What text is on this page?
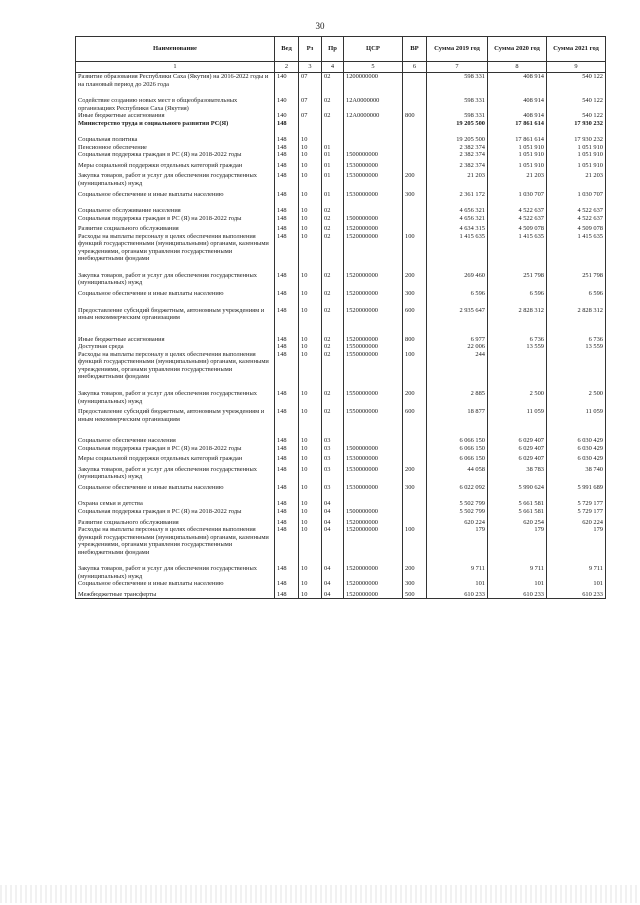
30
Наименование	Вед	Рз	Пр	ЦСР	ВР	Сумма 2019 год	Сумма 2020 год	Сумма 2021 год
1	2	3	4	5	6	7	8	9
Развитие образования Республики Саха (Якутия) на 2016-2022 годы и на плановый период до 2026 года	140	07	02	1200000000		598 331	408 914	540 122
Содействие созданию новых мест в общеобразовательных организациях Республики Саха (Якутия)	140	07	02	12А0000000		598 331	408 914	540 122
Иные бюджетные ассигнования	140	07	02	12А0000000	800	598 331	408 914	540 122
Министерство труда и социального развития РС(Я)	148					19 205 500	17 861 614	17 930 232
Социальная политика	148	10				19 205 500	17 861 614	17 930 232
Пенсионное обеспечение	148	10	01			2 382 374	1 051 910	1 051 910
Социальная поддержка граждан в РС (Я) на 2018-2022 годы	148	10	01	1500000000		2 382 374	1 051 910	1 051 910
Меры социальной поддержки отдельных категорий граждан	148	10	01	1530000000		2 382 374	1 051 910	1 051 910
Закупка товаров, работ и услуг для обеспечения государственных (муниципальных) нужд	148	10	01	1530000000	200	21 203	21 203	21 203
Социальное обеспечение и иные выплаты населению	148	10	01	1530000000	300	2 361 172	1 030 707	1 030 707
Социальное обслуживание населения	148	10	02			4 656 321	4 522 637	4 522 637
Социальная поддержка граждан в РС (Я) на 2018-2022 годы	148	10	02	1500000000		4 656 321	4 522 637	4 522 637
Развитие социального обслуживания	148	10	02	1520000000		4 634 315	4 509 078	4 509 078
Расходы на выплаты персоналу в целях обеспечения выполнения функций государственными (муниципальными) органами, казенными учреждениями, органами управления государственными внебюджетными фондами	148	10	02	1520000000	100	1 415 635	1 415 635	1 415 635
Закупка товаров, работ и услуг для обеспечения государственных (муниципальных) нужд	148	10	02	1520000000	200	269 460	251 798	251 798
Социальное обеспечение и иные выплаты населению	148	10	02	1520000000	300	6 596	6 596	6 596
Предоставление субсидий бюджетным, автономным учреждениям и иным некоммерческим организациям	148	10	02	1520000000	600	2 935 647	2 828 312	2 828 312
Иные бюджетные ассигнования	148	10	02	1520000000	800	6 977	6 736	6 736
Доступная среда	148	10	02	1550000000		22 006	13 559	13 559
Расходы на выплаты персоналу в целях обеспечения выполнения функций государственными (муниципальными) органами, казенными учреждениями, органами управления государственными внебюджетными фондами	148	10	02	1550000000	100	244		
Закупка товаров, работ и услуг для обеспечения государственных (муниципальных) нужд	148	10	02	1550000000	200	2 885	2 500	2 500
Предоставление субсидий бюджетным, автономным учреждениям и иным некоммерческим организациям	148	10	02	1550000000	600	18 877	11 059	11 059
Социальное обеспечение населения	148	10	03			6 066 150	6 029 407	6 030 429
Социальная поддержка граждан в РС (Я) на 2018-2022 годы	148	10	03	1500000000		6 066 150	6 029 407	6 030 429
Меры социальной поддержки отдельных категорий граждан	148	10	03	1530000000		6 066 150	6 029 407	6 030 429
Закупка товаров, работ и услуг для обеспечения государственных (муниципальных) нужд	148	10	03	1530000000	200	44 058	38 783	38 740
Социальное обеспечение и иные выплаты населению	148	10	03	1530000000	300	6 022 092	5 990 624	5 991 689
Охрана семьи и детства	148	10	04			5 502 799	5 661 581	5 729 177
Социальная поддержка граждан в РС (Я) на 2018-2022 годы	148	10	04	1500000000		5 502 799	5 661 581	5 729 177
Развитие социального обслуживания	148	10	04	1520000000		620 224	620 254	620 224
Расходы на выплаты персоналу в целях обеспечения выполнения функций государственными (муниципальными) органами, казенными учреждениями, органами управления государственными внебюджетными фондами	148	10	04	1520000000	100	179	179	179
Закупка товаров, работ и услуг для обеспечения государственных (муниципальных) нужд	148	10	04	1520000000	200	9 711	9 711	9 711
Социальное обеспечение и иные выплаты населению	148	10	04	1520000000	300	101	101	101
Межбюджетные трансферты	148	10	04	1520000000	500	610 233	610 233	610 233
